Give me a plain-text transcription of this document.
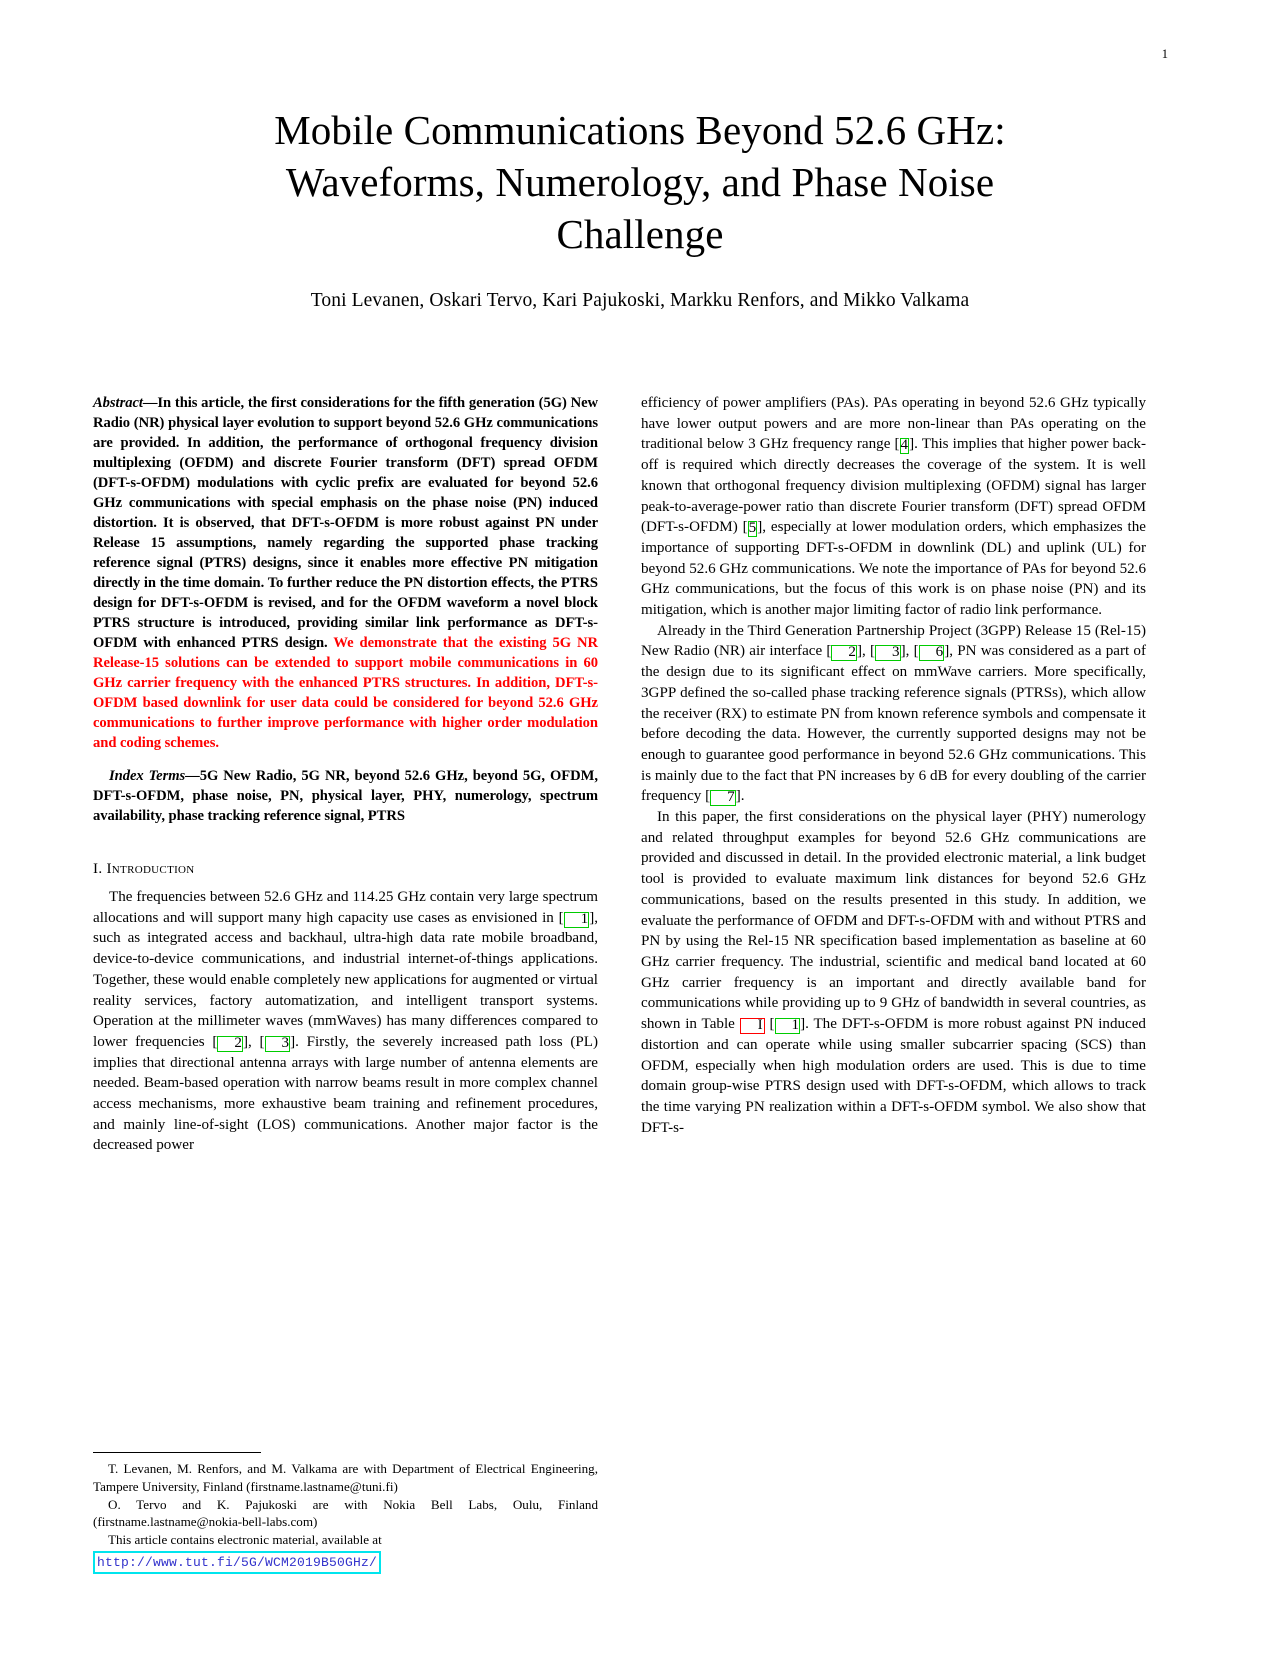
1
Mobile Communications Beyond 52.6 GHz:
Waveforms, Numerology, and Phase Noise
Challenge
Toni Levanen, Oskari Tervo, Kari Pajukoski, Markku Renfors, and Mikko Valkama

Abstract—In this article, the first considerations for the fifth generation (5G) New Radio (NR) physical layer evolution to support beyond 52.6 GHz communications are provided. In addition, the performance of orthogonal frequency division multiplexing (OFDM) and discrete Fourier transform (DFT) spread OFDM (DFT-s-OFDM) modulations with cyclic prefix are evaluated for beyond 52.6 GHz communications with special emphasis on the phase noise (PN) induced distortion. It is observed, that DFT-s-OFDM is more robust against PN under Release 15 assumptions, namely regarding the supported phase tracking reference signal (PTRS) designs, since it enables more effective PN mitigation directly in the time domain. To further reduce the PN distortion effects, the PTRS design for DFT-s-OFDM is revised, and for the OFDM waveform a novel block PTRS structure is introduced, providing similar link performance as DFT-s-OFDM with enhanced PTRS design. We demonstrate that the existing 5G NR Release-15 solutions can be extended to support mobile communications in 60 GHz carrier frequency with the enhanced PTRS structures. In addition, DFT-s-OFDM based downlink for user data could be considered for beyond 52.6 GHz communications to further improve performance with higher order modulation and coding schemes.

Index Terms—5G New Radio, 5G NR, beyond 52.6 GHz, beyond 5G, OFDM, DFT-s-OFDM, phase noise, PN, physical layer, PHY, numerology, spectrum availability, phase tracking reference signal, PTRS

I. Introduction

The frequencies between 52.6 GHz and 114.25 GHz contain very large spectrum allocations and will support many high capacity use cases as envisioned in [ 1], such as integrated access and backhaul, ultra-high data rate mobile broadband, device-to-device communications, and industrial internet-of-things applications. Together, these would enable completely new applications for augmented or virtual reality services, factory automatization, and intelligent transport systems. Operation at the millimeter waves (mmWaves) has many differences compared to lower frequencies [ 2], [ 3]. Firstly, the severely increased path loss (PL) implies that directional antenna arrays with large number of antenna elements are needed. Beam-based operation with narrow beams result in more complex channel access mechanisms, more exhaustive beam training and refinement procedures, and mainly line-of-sight (LOS) communications. Another major factor is the decreased power

efficiency of power amplifiers (PAs). PAs operating in beyond 52.6 GHz typically have lower output powers and are more non-linear than PAs operating on the traditional below 3 GHz frequency range [4]. This implies that higher power back-off is required which directly decreases the coverage of the system. It is well known that orthogonal frequency division multiplexing (OFDM) signal has larger peak-to-average-power ratio than discrete Fourier transform (DFT) spread OFDM (DFT-s-OFDM) [5], especially at lower modulation orders, which emphasizes the importance of supporting DFT-s-OFDM in downlink (DL) and uplink (UL) for beyond 52.6 GHz communications. We note the importance of PAs for beyond 52.6 GHz communications, but the focus of this work is on phase noise (PN) and its mitigation, which is another major limiting factor of radio link performance.

Already in the Third Generation Partnership Project (3GPP) Release 15 (Rel-15) New Radio (NR) air interface [ 2], [ 3], [ 6], PN was considered as a part of the design due to its significant effect on mmWave carriers. More specifically, 3GPP defined the so-called phase tracking reference signals (PTRSs), which allow the receiver (RX) to estimate PN from known reference symbols and compensate it before decoding the data. However, the currently supported designs may not be enough to guarantee good performance in beyond 52.6 GHz communications. This is mainly due to the fact that PN increases by 6 dB for every doubling of the carrier frequency [ 7].

In this paper, the first considerations on the physical layer (PHY) numerology and related throughput examples for beyond 52.6 GHz communications are provided and discussed in detail. In the provided electronic material, a link budget tool is provided to evaluate maximum link distances for beyond 52.6 GHz communications, based on the results presented in this study. In addition, we evaluate the performance of OFDM and DFT-s-OFDM with and without PTRS and PN by using the Rel-15 NR specification based implementation as baseline at 60 GHz carrier frequency. The industrial, scientific and medical band located at 60 GHz carrier frequency is an important and directly available band for communications while providing up to 9 GHz of bandwidth in several countries, as shown in Table I [ 1]. The DFT-s-OFDM is more robust against PN induced distortion and can operate while using smaller subcarrier spacing (SCS) than OFDM, especially when high modulation orders are used. This is due to time domain group-wise PTRS design used with DFT-s-OFDM, which allows to track the time varying PN realization within a DFT-s-OFDM symbol. We also show that DFT-s-

T. Levanen, M. Renfors, and M. Valkama are with Department of Electrical Engineering, Tampere University, Finland (firstname.lastname@tuni.fi)

O. Tervo and K. Pajukoski are with Nokia Bell Labs, Oulu, Finland (firstname.lastname@nokia-bell-labs.com)

This article contains electronic material, available at

http://www.tut.fi/5G/WCM2019B50GHz/
